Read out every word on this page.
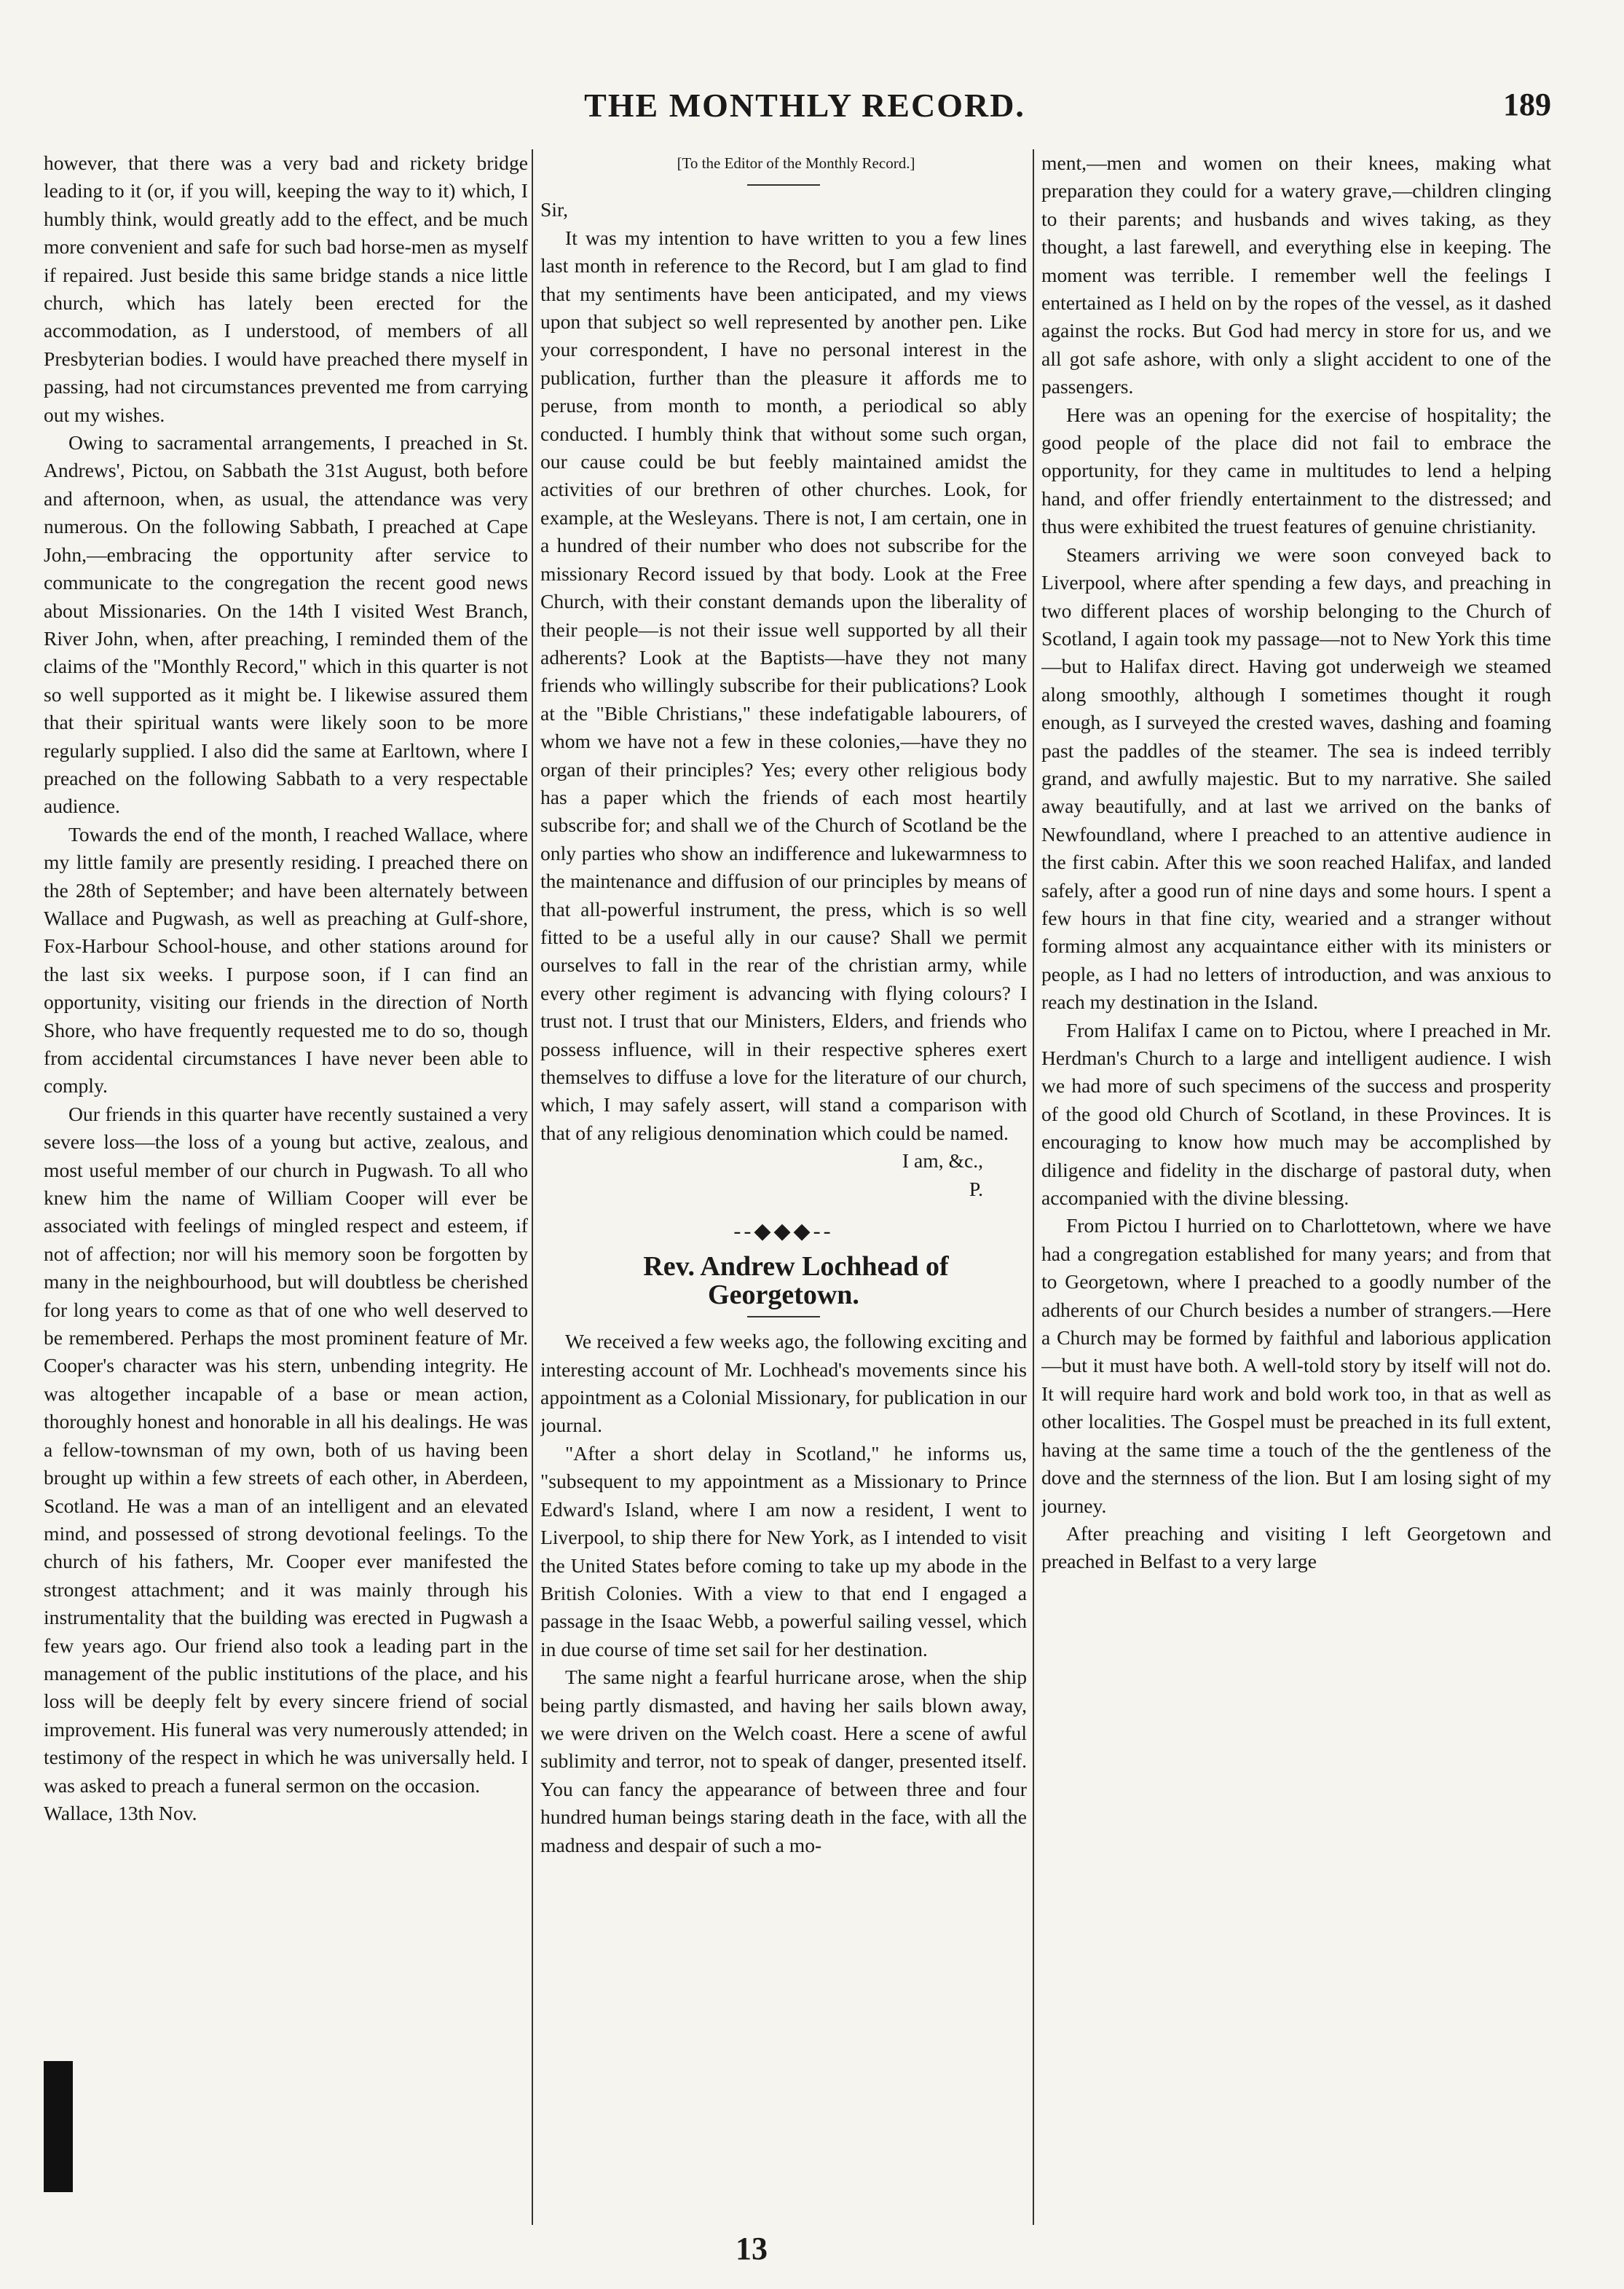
THE MONTHLY RECORD.	189

however, that there was a very bad and rickety bridge leading to it (or, if you will, keeping the way to it) which, I humbly think, would greatly add to the effect, and be much more convenient and safe for such bad horse-men as myself if repaired. Just beside this same bridge stands a nice little church, which has lately been erected for the accommodation, as I understood, of members of all Presbyterian bodies. I would have preached there myself in passing, had not circumstances prevented me from carrying out my wishes.

Owing to sacramental arrangements, I preached in St. Andrews', Pictou, on Sabbath the 31st August, both before and afternoon, when, as usual, the attendance was very numerous. On the following Sabbath, I preached at Cape John,—embracing the opportunity after service to communicate to the congregation the recent good news about Missionaries. On the 14th I visited West Branch, River John, when, after preaching, I reminded them of the claims of the "Monthly Record," which in this quarter is not so well supported as it might be. I likewise assured them that their spiritual wants were likely soon to be more regularly supplied. I also did the same at Earltown, where I preached on the following Sabbath to a very respectable audience.

Towards the end of the month, I reached Wallace, where my little family are presently residing. I preached there on the 28th of September; and have been alternately between Wallace and Pugwash, as well as preaching at Gulf-shore, Fox-Harbour School-house, and other stations around for the last six weeks. I purpose soon, if I can find an opportunity, visiting our friends in the direction of North Shore, who have frequently requested me to do so, though from accidental circumstances I have never been able to comply.

Our friends in this quarter have recently sustained a very severe loss—the loss of a young but active, zealous, and most useful member of our church in Pugwash. To all who knew him the name of William Cooper will ever be associated with feelings of mingled respect and esteem, if not of affection; nor will his memory soon be forgotten by many in the neighbourhood, but will doubtless be cherished for long years to come as that of one who well deserved to be remembered. Perhaps the most prominent feature of Mr. Cooper's character was his stern, unbending integrity. He was altogether incapable of a base or mean action, thoroughly honest and honorable in all his dealings. He was a fellow-townsman of my own, both of us having been brought up within a few streets of each other, in Aberdeen, Scotland. He was a man of an intelligent and an elevated mind, and possessed of strong devotional feelings. To the church of his fathers, Mr. Cooper ever manifested the strongest attachment; and it was mainly through his instrumentality that the building was erected in Pugwash a few years ago. Our friend also took a leading part in the management of the public institutions of the place, and his loss will be deeply felt by every sincere friend of social improvement. His funeral was very numerously attended; in testimony of the respect in which he was universally held. I was asked to preach a funeral sermon on the occasion.

Wallace, 13th Nov.

[To the Editor of the Monthly Record.]

Sir,

It was my intention to have written to you a few lines last month in reference to the Record, but I am glad to find that my sentiments have been anticipated, and my views upon that subject so well represented by another pen. Like your correspondent, I have no personal interest in the publication, further than the pleasure it affords me to peruse, from month to month, a periodical so ably conducted. I humbly think that without some such organ, our cause could be but feebly maintained amidst the activities of our brethren of other churches. Look, for example, at the Wesleyans. There is not, I am certain, one in a hundred of their number who does not subscribe for the missionary Record issued by that body. Look at the Free Church, with their constant demands upon the liberality of their people—is not their issue well supported by all their adherents? Look at the Baptists—have they not many friends who willingly subscribe for their publications? Look at the "Bible Christians," these indefatigable labourers, of whom we have not a few in these colonies,—have they no organ of their principles? Yes; every other religious body has a paper which the friends of each most heartily subscribe for; and shall we of the Church of Scotland be the only parties who show an indifference and lukewarmness to the maintenance and diffusion of our principles by means of that all-powerful instrument, the press, which is so well fitted to be a useful ally in our cause? Shall we permit ourselves to fall in the rear of the christian army, while every other regiment is advancing with flying colours? I trust not. I trust that our Ministers, Elders, and friends who possess influence, will in their respective spheres exert themselves to diffuse a love for the literature of our church, which, I may safely assert, will stand a comparison with that of any religious denomination which could be named.

I am, &c.,

P.

--◆◆◆--

Rev. Andrew Lochhead of Georgetown.

We received a few weeks ago, the following exciting and interesting account of Mr. Lochhead's movements since his appointment as a Colonial Missionary, for publication in our journal.

"After a short delay in Scotland," he informs us, "subsequent to my appointment as a Missionary to Prince Edward's Island, where I am now a resident, I went to Liverpool, to ship there for New York, as I intended to visit the United States before coming to take up my abode in the British Colonies. With a view to that end I engaged a passage in the Isaac Webb, a powerful sailing vessel, which in due course of time set sail for her destination.

The same night a fearful hurricane arose, when the ship being partly dismasted, and having her sails blown away, we were driven on the Welch coast. Here a scene of awful sublimity and terror, not to speak of danger, presented itself. You can fancy the appearance of between three and four hundred human beings staring death in the face, with all the madness and despair of such a mo-

ment,—men and women on their knees, making what preparation they could for a watery grave,—children clinging to their parents; and husbands and wives taking, as they thought, a last farewell, and everything else in keeping. The moment was terrible. I remember well the feelings I entertained as I held on by the ropes of the vessel, as it dashed against the rocks. But God had mercy in store for us, and we all got safe ashore, with only a slight accident to one of the passengers.

Here was an opening for the exercise of hospitality; the good people of the place did not fail to embrace the opportunity, for they came in multitudes to lend a helping hand, and offer friendly entertainment to the distressed; and thus were exhibited the truest features of genuine christianity.

Steamers arriving we were soon conveyed back to Liverpool, where after spending a few days, and preaching in two different places of worship belonging to the Church of Scotland, I again took my passage—not to New York this time—but to Halifax direct. Having got underweigh we steamed along smoothly, although I sometimes thought it rough enough, as I surveyed the crested waves, dashing and foaming past the paddles of the steamer. The sea is indeed terribly grand, and awfully majestic. But to my narrative. She sailed away beautifully, and at last we arrived on the banks of Newfoundland, where I preached to an attentive audience in the first cabin. After this we soon reached Halifax, and landed safely, after a good run of nine days and some hours. I spent a few hours in that fine city, wearied and a stranger without forming almost any acquaintance either with its ministers or people, as I had no letters of introduction, and was anxious to reach my destination in the Island.

From Halifax I came on to Pictou, where I preached in Mr. Herdman's Church to a large and intelligent audience. I wish we had more of such specimens of the success and prosperity of the good old Church of Scotland, in these Provinces. It is encouraging to know how much may be accomplished by diligence and fidelity in the discharge of pastoral duty, when accompanied with the divine blessing.

From Pictou I hurried on to Charlottetown, where we have had a congregation established for many years; and from that to Georgetown, where I preached to a goodly number of the adherents of our Church besides a number of strangers.—Here a Church may be formed by faithful and laborious application—but it must have both. A well-told story by itself will not do. It will require hard work and bold work too, in that as well as other localities. The Gospel must be preached in its full extent, having at the same time a touch of the the gentleness of the dove and the sternness of the lion. But I am losing sight of my journey.

After preaching and visiting I left Georgetown and preached in Belfast to a very large

13
